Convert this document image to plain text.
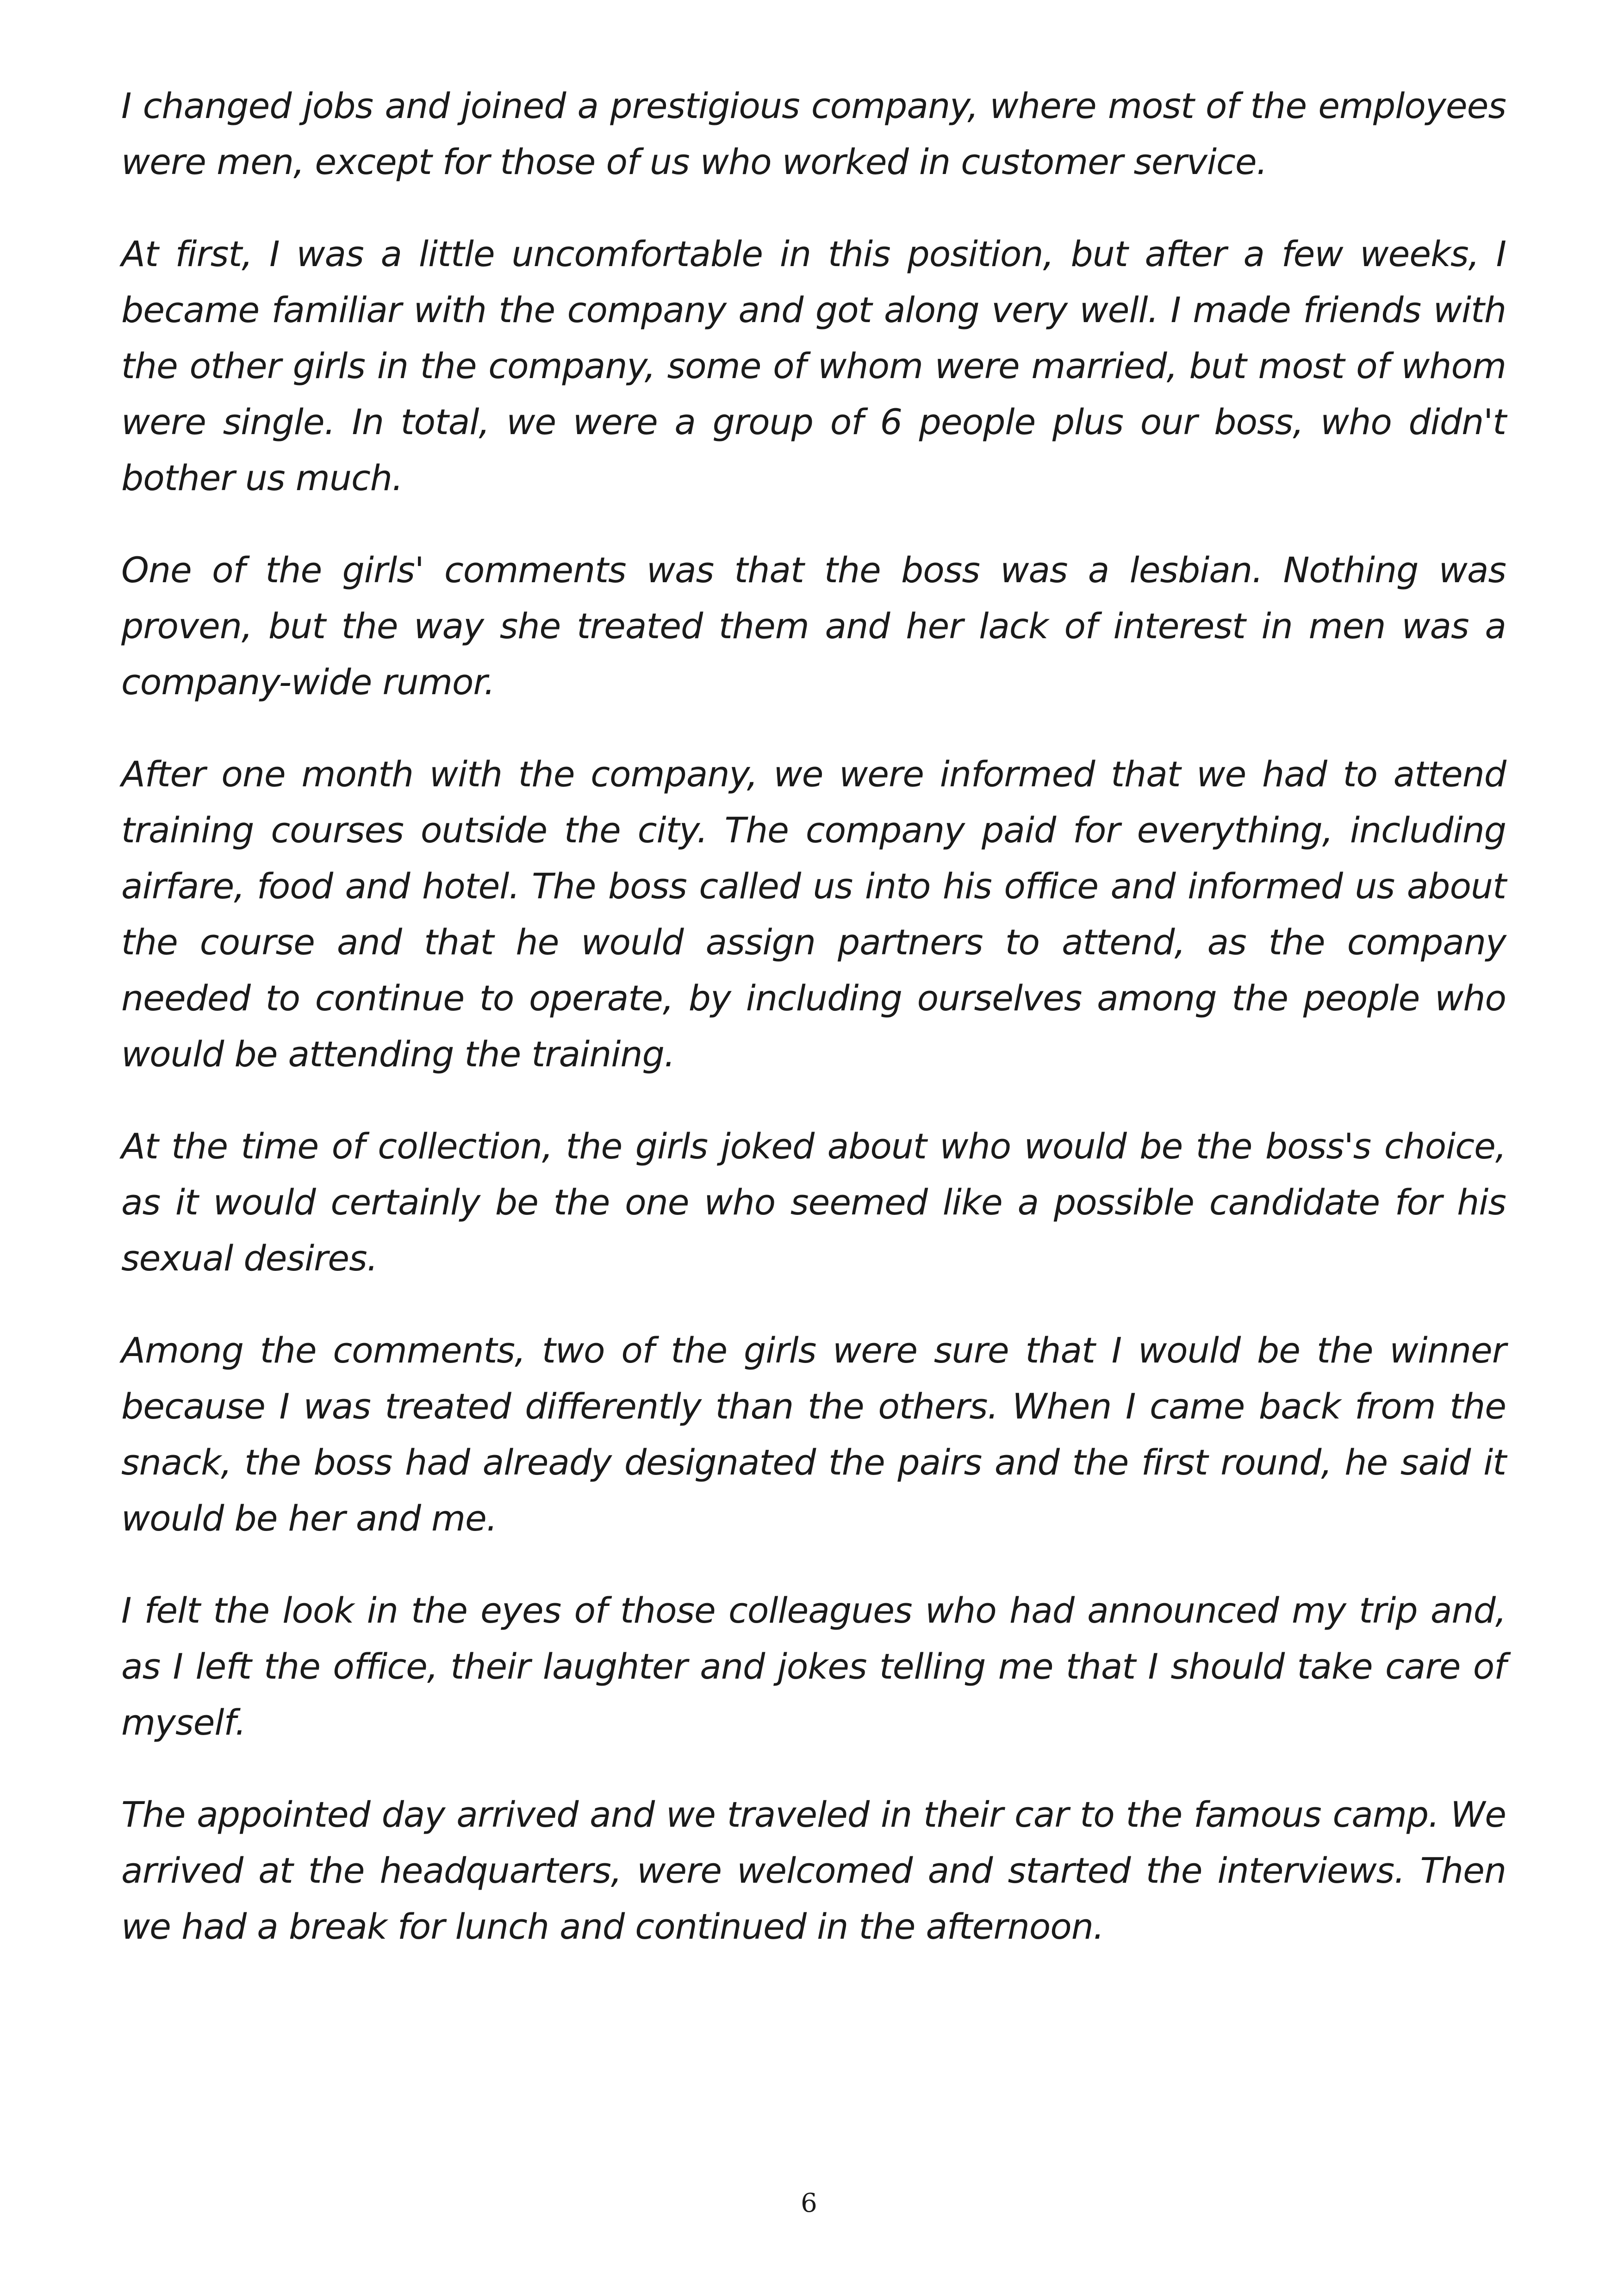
I changed jobs and joined a prestigious company, where most of the employees were men, except for those of us who worked in customer service.

At first, I was a little uncomfortable in this position, but after a few weeks, I became familiar with the company and got along very well. I made friends with the other girls in the company, some of whom were married, but most of whom were single. In total, we were a group of 6 people plus our boss, who didn't bother us much.

One of the girls' comments was that the boss was a lesbian. Nothing was proven, but the way she treated them and her lack of interest in men was a company-wide rumor.

After one month with the company, we were informed that we had to attend training courses outside the city. The company paid for everything, including airfare, food and hotel. The boss called us into his office and informed us about the course and that he would assign partners to attend, as the company needed to continue to operate, by including ourselves among the people who would be attending the training.

At the time of collection, the girls joked about who would be the boss's choice, as it would certainly be the one who seemed like a possible candidate for his sexual desires.

Among the comments, two of the girls were sure that I would be the winner because I was treated differently than the others. When I came back from the snack, the boss had already designated the pairs and the first round, he said it would be her and me.

I felt the look in the eyes of those colleagues who had announced my trip and, as I left the office, their laughter and jokes telling me that I should take care of myself.

The appointed day arrived and we traveled in their car to the famous camp. We arrived at the headquarters, were welcomed and started the interviews. Then we had a break for lunch and continued in the afternoon.

6
